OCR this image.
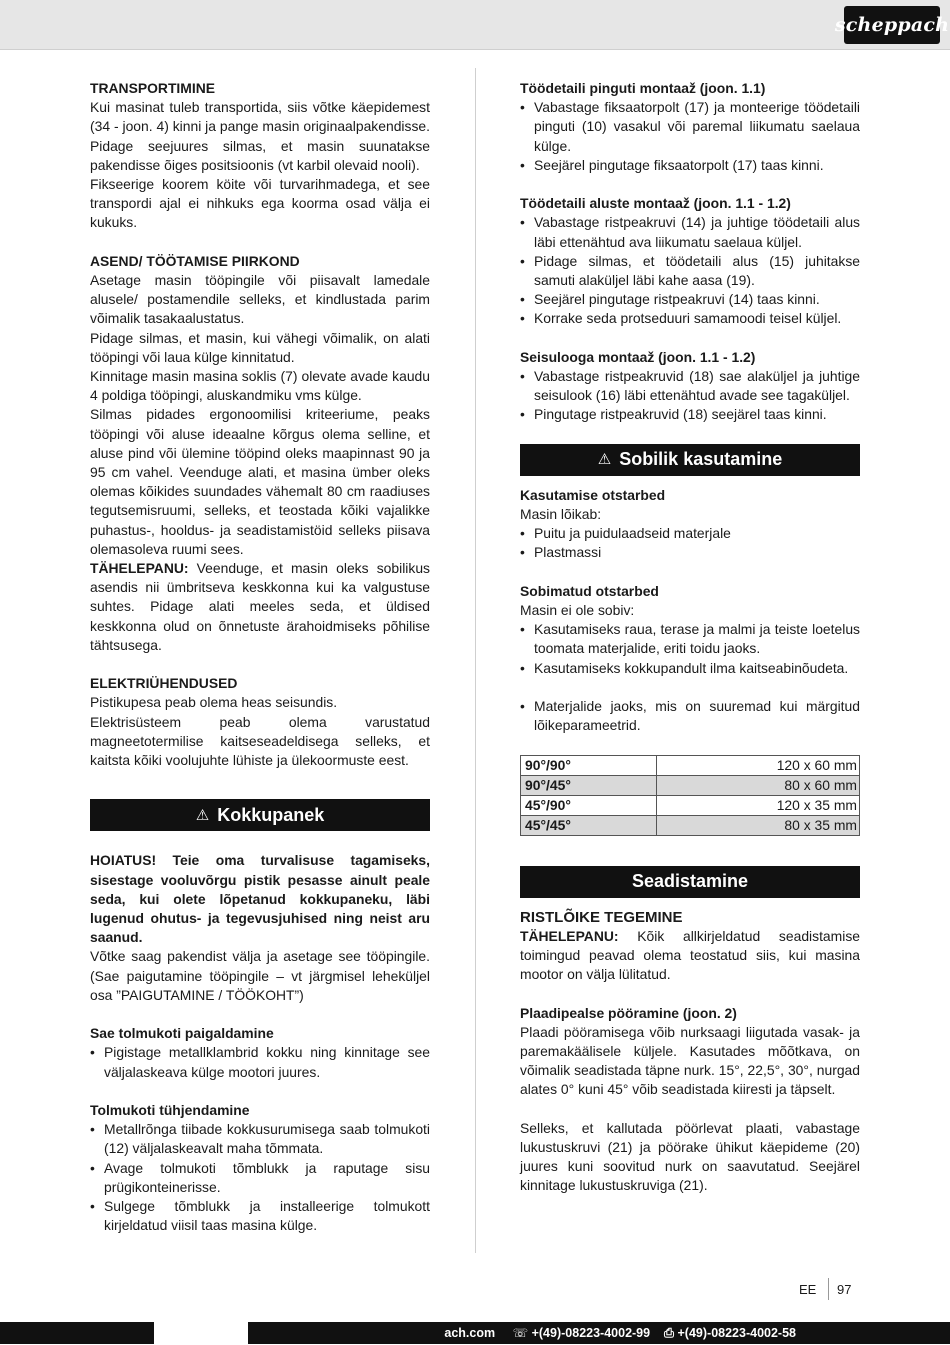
scheppach
TRANSPORTIMINE

Kui masinat tuleb transportida, siis võtke käepidemest (34 - joon. 4) kinni ja pange masin originaalpakendisse. Pidage seejuures silmas, et masin suunatakse pakendisse õiges positsioonis (vt karbil olevaid nooli).

Fikseerige koorem köite või turvarihmadega, et see transpordi ajal ei nihkuks ega koorma osad välja ei kukuks.

ASEND/ TÖÖTAMISE PIIRKOND

Asetage masin tööpingile või piisavalt lamedale alusele/ postamendile selleks, et kindlustada parim võimalik tasakaalustatus.

Pidage silmas, et masin, kui vähegi võimalik, on alati tööpingi või laua külge kinnitatud.

Kinnitage masin masina soklis (7) olevate avade kaudu 4 poldiga tööpingi, aluskandmiku vms külge.

Silmas pidades ergonoomilisi kriteeriume, peaks tööpingi või aluse ideaalne kõrgus olema selline, et aluse pind või ülemine tööpind oleks maapinnast 90 ja 95 cm vahel. Veenduge alati, et masina ümber oleks olemas kõikides suundades vähemalt 80 cm raadiuses tegutsemisruumi, selleks, et teostada kõiki vajalikke puhastus-, hooldus- ja seadistamistöid selleks piisava olemasoleva ruumi sees.

TÄHELEPANU: Veenduge, et masin oleks sobilikus asendis nii ümbritseva keskkonna kui ka valgustuse suhtes. Pidage alati meeles seda, et üldised keskkonna olud on õnnetuste ärahoidmiseks põhilise tähtsusega.

ELEKTRIÜHENDUSED

Pistikupesa peab olema heas seisundis.

Elektrisüsteem peab olema varustatud magneetotermilise kaitseseadeldisega selleks, et kaitsta kõiki voolujuhte lühiste ja ülekoormuste eest.

⚠ Kokkupanek

HOIATUS! Teie oma turvalisuse tagamiseks, sisestage vooluvõrgu pistik pesasse ainult peale seda, kui olete lõpetanud kokkupaneku, läbi lugenud ohutus- ja tegevusjuhised ning neist aru saanud.

Võtke saag pakendist välja ja asetage see tööpingile. (Sae paigutamine tööpingile – vt järgmisel leheküljel osa ”PAIGUTAMINE / TÖÖKOHT”)

Sae tolmukoti paigaldamine
• Pigistage metallklambrid kokku ning kinnitage see väljalaskeava külge mootori juures.
Tolmukoti tühjendamine
• Metallrõnga tiibade kokkusurumisega saab tolmukoti (12) väljalaskeavalt maha tõmmata.
• Avage tolmukoti tõmblukk ja raputage sisu prügikonteinerisse.
• Sulgege tõmblukk ja installeerige tolmukott kirjeldatud viisil taas masina külge.
Töödetaili pinguti montaaž (joon. 1.1)
• Vabastage fiksaatorpolt (17) ja monteerige töödetaili pinguti (10) vasakul või paremal liikumatu saelaua külge.
• Seejärel pingutage fiksaatorpolt (17) taas kinni.
Töödetaili aluste montaaž (joon. 1.1 - 1.2)
• Vabastage ristpeakruvi (14) ja juhtige töödetaili alus läbi ettenähtud ava liikumatu saelaua küljel.
• Pidage silmas, et töödetaili alus (15) juhitakse samuti alaküljel läbi kahe aasa (19).
• Seejärel pingutage ristpeakruvi (14) taas kinni.
• Korrake seda protseduuri samamoodi teisel küljel.
Seisulooga montaaž (joon. 1.1 - 1.2)
• Vabastage ristpeakruvid (18) sae alaküljel ja juhtige seisulook (16) läbi ettenähtud avade see tagaküljel.
• Pingutage ristpeakruvid (18) seejärel taas kinni.
⚠ Sobilik kasutamine
Kasutamise otstarbed

Masin lõikab:

• Puitu ja puidulaadseid materjale
• Plastmassi
Sobimatud otstarbed

Masin ei ole sobiv:

• Kasutamiseks raua, terase ja malmi ja teiste loetelus toomata materjalide, eriti toidu jaoks.
• Kasutamiseks kokkupandult ilma kaitseabinõudeta.
• Materjalide jaoks, mis on suuremad kui märgitud lõikeparameetrid.
90°/90°	120 x 60 mm
90°/45°	80 x 60 mm
45°/90°	120 x 35 mm
45°/45°	80 x 35 mm
Seadistamine
RISTLÕIKE TEGEMINE

TÄHELEPANU: Kõik allkirjeldatud seadistamise toimingud peavad olema teostatud siis, kui masina mootor on välja lülitatud.

Plaadipealse pööramine (joon. 2)

Plaadi pööramisega võib nurksaagi liigutada vasak- ja paremakäälisele küljele. Kasutades mõõtkava, on võimalik seadistada täpne nurk. 15°, 22,5°, 30°, nurgad alates 0° kuni 45° võib seadistada kiiresti ja täpselt.

Selleks, et kallutada pöörlevat plaati, vabastage lukustuskruvi (21) ja pöörake ühikut käepideme (20) juures kuni soovitud nurk on saavutatud. Seejärel kinnitage lukustuskruviga (21).

EE 97
ach.com ☏ +(49)-08223-4002-99 ⎙ +(49)-08223-4002-58
